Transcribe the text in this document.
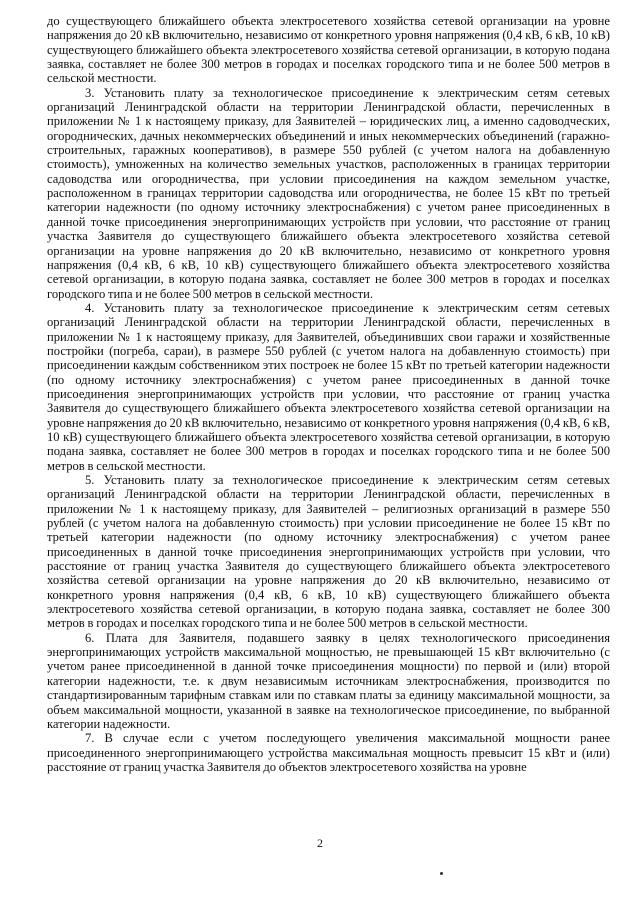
до существующего ближайшего объекта электросетевого хозяйства сетевой организации на уровне напряжения до 20 кВ включительно, независимо от конкретного уровня напряжения (0,4 кВ, 6 кВ, 10 кВ) существующего ближайшего объекта электросетевого хозяйства сетевой организации, в которую подана заявка, составляет не более 300 метров в городах и поселках городского типа и не более 500 метров в сельской местности.

3. Установить плату за технологическое присоединение к электрическим сетям сетевых организаций Ленинградской области на территории Ленинградской области, перечисленных в приложении № 1 к настоящему приказу, для Заявителей – юридических лиц, а именно садоводческих, огороднических, дачных некоммерческих объединений и иных некоммерческих объединений (гаражно-строительных, гаражных кооперативов), в размере 550 рублей (с учетом налога на добавленную стоимость), умноженных на количество земельных участков, расположенных в границах территории садоводства или огородничества, при условии присоединения на каждом земельном участке, расположенном в границах территории садоводства или огородничества, не более 15 кВт по третьей категории надежности (по одному источнику электроснабжения) с учетом ранее присоединенных в данной точке присоединения энергопринимающих устройств при условии, что расстояние от границ участка Заявителя до существующего ближайшего объекта электросетевого хозяйства сетевой организации на уровне напряжения до 20 кВ включительно, независимо от конкретного уровня напряжения (0,4 кВ, 6 кВ, 10 кВ) существующего ближайшего объекта электросетевого хозяйства сетевой организации, в которую подана заявка, составляет не более 300 метров в городах и поселках городского типа и не более 500 метров в сельской местности.

4. Установить плату за технологическое присоединение к электрическим сетям сетевых организаций Ленинградской области на территории Ленинградской области, перечисленных в приложении № 1 к настоящему приказу, для Заявителей, объединивших свои гаражи и хозяйственные постройки (погреба, сараи), в размере 550 рублей (с учетом налога на добавленную стоимость) при присоединении каждым собственником этих построек не более 15 кВт по третьей категории надежности (по одному источнику электроснабжения) с учетом ранее присоединенных в данной точке присоединения энергопринимающих устройств при условии, что расстояние от границ участка Заявителя до существующего ближайшего объекта электросетевого хозяйства сетевой организации на уровне напряжения до 20 кВ включительно, независимо от конкретного уровня напряжения (0,4 кВ, 6 кВ, 10 кВ) существующего ближайшего объекта электросетевого хозяйства сетевой организации, в которую подана заявка, составляет не более 300 метров в городах и поселках городского типа и не более 500 метров в сельской местности.

5. Установить плату за технологическое присоединение к электрическим сетям сетевых организаций Ленинградской области на территории Ленинградской области, перечисленных в приложении № 1 к настоящему приказу, для Заявителей – религиозных организаций в размере 550 рублей (с учетом налога на добавленную стоимость) при условии присоединение не более 15 кВт по третьей категории надежности (по одному источнику электроснабжения) с учетом ранее присоединенных в данной точке присоединения энергопринимающих устройств при условии, что расстояние от границ участка Заявителя до существующего ближайшего объекта электросетевого хозяйства сетевой организации на уровне напряжения до 20 кВ включительно, независимо от конкретного уровня напряжения (0,4 кВ, 6 кВ, 10 кВ) существующего ближайшего объекта электросетевого хозяйства сетевой организации, в которую подана заявка, составляет не более 300 метров в городах и поселках городского типа и не более 500 метров в сельской местности.

6. Плата для Заявителя, подавшего заявку в целях технологического присоединения энергопринимающих устройств максимальной мощностью, не превышающей 15 кВт включительно (с учетом ранее присоединенной в данной точке присоединения мощности) по первой и (или) второй категории надежности, т.е. к двум независимым источникам электроснабжения, производится по стандартизированным тарифным ставкам или по ставкам платы за единицу максимальной мощности, за объем максимальной мощности, указанной в заявке на технологическое присоединение, по выбранной категории надежности.

7. В случае если с учетом последующего увеличения максимальной мощности ранее присоединенного энергопринимающего устройства максимальная мощность превысит 15 кВт и (или) расстояние от границ участка Заявителя до объектов электросетевого хозяйства на уровне

2
